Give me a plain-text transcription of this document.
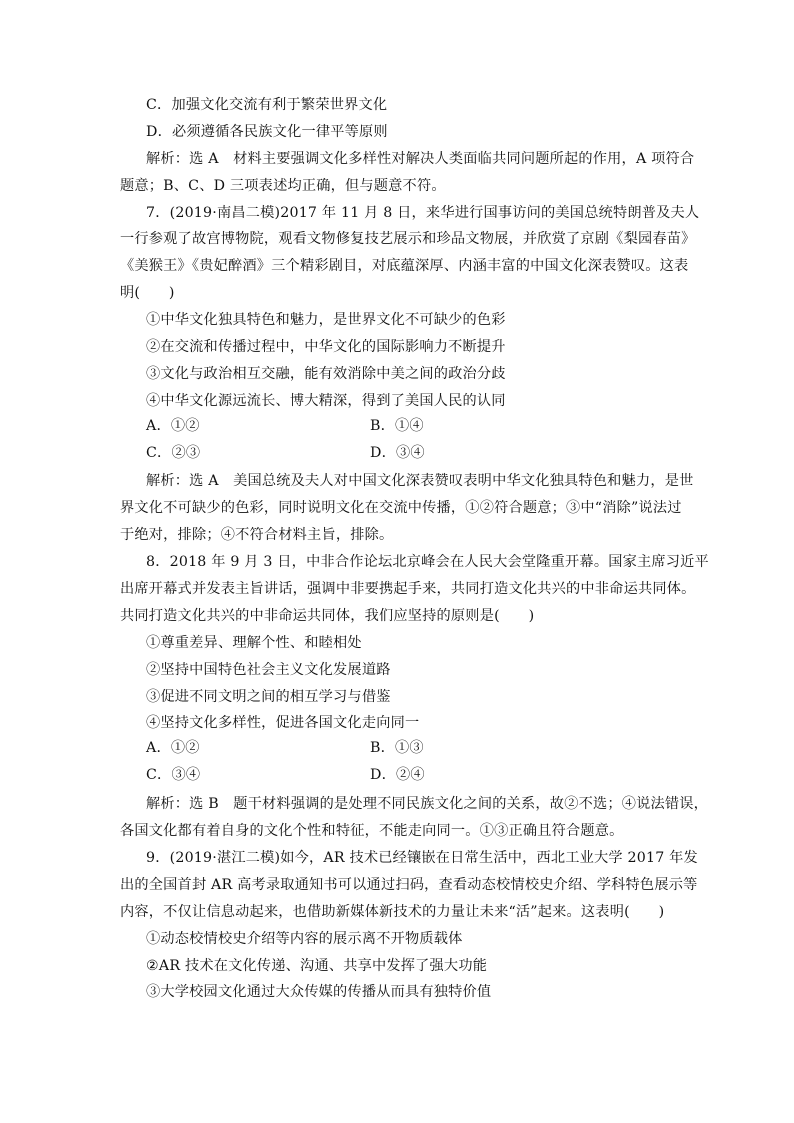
C．加强文化交流有利于繁荣世界文化
D．必须遵循各民族文化一律平等原则
解析：选 A　材料主要强调文化多样性对解决人类面临共同问题所起的作用，A 项符合
题意；B、C、D 三项表述均正确，但与题意不符。
7．(2019·南昌二模)2017 年 11 月 8 日，来华进行国事访问的美国总统特朗普及夫人
一行参观了故宫博物院，观看文物修复技艺展示和珍品文物展，并欣赏了京剧《梨园春苗》
《美猴王》《贵妃醉酒》三个精彩剧目，对底蕴深厚、内涵丰富的中国文化深表赞叹。这表
明(　　)
①中华文化独具特色和魅力，是世界文化不可缺少的色彩
②在交流和传播过程中，中华文化的国际影响力不断提升
③文化与政治相互交融，能有效消除中美之间的政治分歧
④中华文化源远流长、博大精深，得到了美国人民的认同
A．①②	B．①④
C．②③	D．③④
解析：选 A　美国总统及夫人对中国文化深表赞叹表明中华文化独具特色和魅力，是世
界文化不可缺少的色彩，同时说明文化在交流中传播，①②符合题意；③中“消除”说法过
于绝对，排除；④不符合材料主旨，排除。
8．2018 年 9 月 3 日，中非合作论坛北京峰会在人民大会堂隆重开幕。国家主席习近平
出席开幕式并发表主旨讲话，强调中非要携起手来，共同打造文化共兴的中非命运共同体。
共同打造文化共兴的中非命运共同体，我们应坚持的原则是(　　)
①尊重差异、理解个性、和睦相处
②坚持中国特色社会主义文化发展道路
③促进不同文明之间的相互学习与借鉴
④坚持文化多样性，促进各国文化走向同一
A．①②	B．①③
C．③④	D．②④
解析：选 B　题干材料强调的是处理不同民族文化之间的关系，故②不选；④说法错误，
各国文化都有着自身的文化个性和特征，不能走向同一。①③正确且符合题意。
9．(2019·湛江二模)如今，AR 技术已经镶嵌在日常生活中，西北工业大学 2017 年发
出的全国首封 AR 高考录取通知书可以通过扫码，查看动态校情校史介绍、学科特色展示等
内容，不仅让信息动起来，也借助新媒体新技术的力量让未来“活”起来。这表明(　　)
①动态校情校史介绍等内容的展示离不开物质载体
②AR 技术在文化传递、沟通、共享中发挥了强大功能
③大学校园文化通过大众传媒的传播从而具有独特价值
